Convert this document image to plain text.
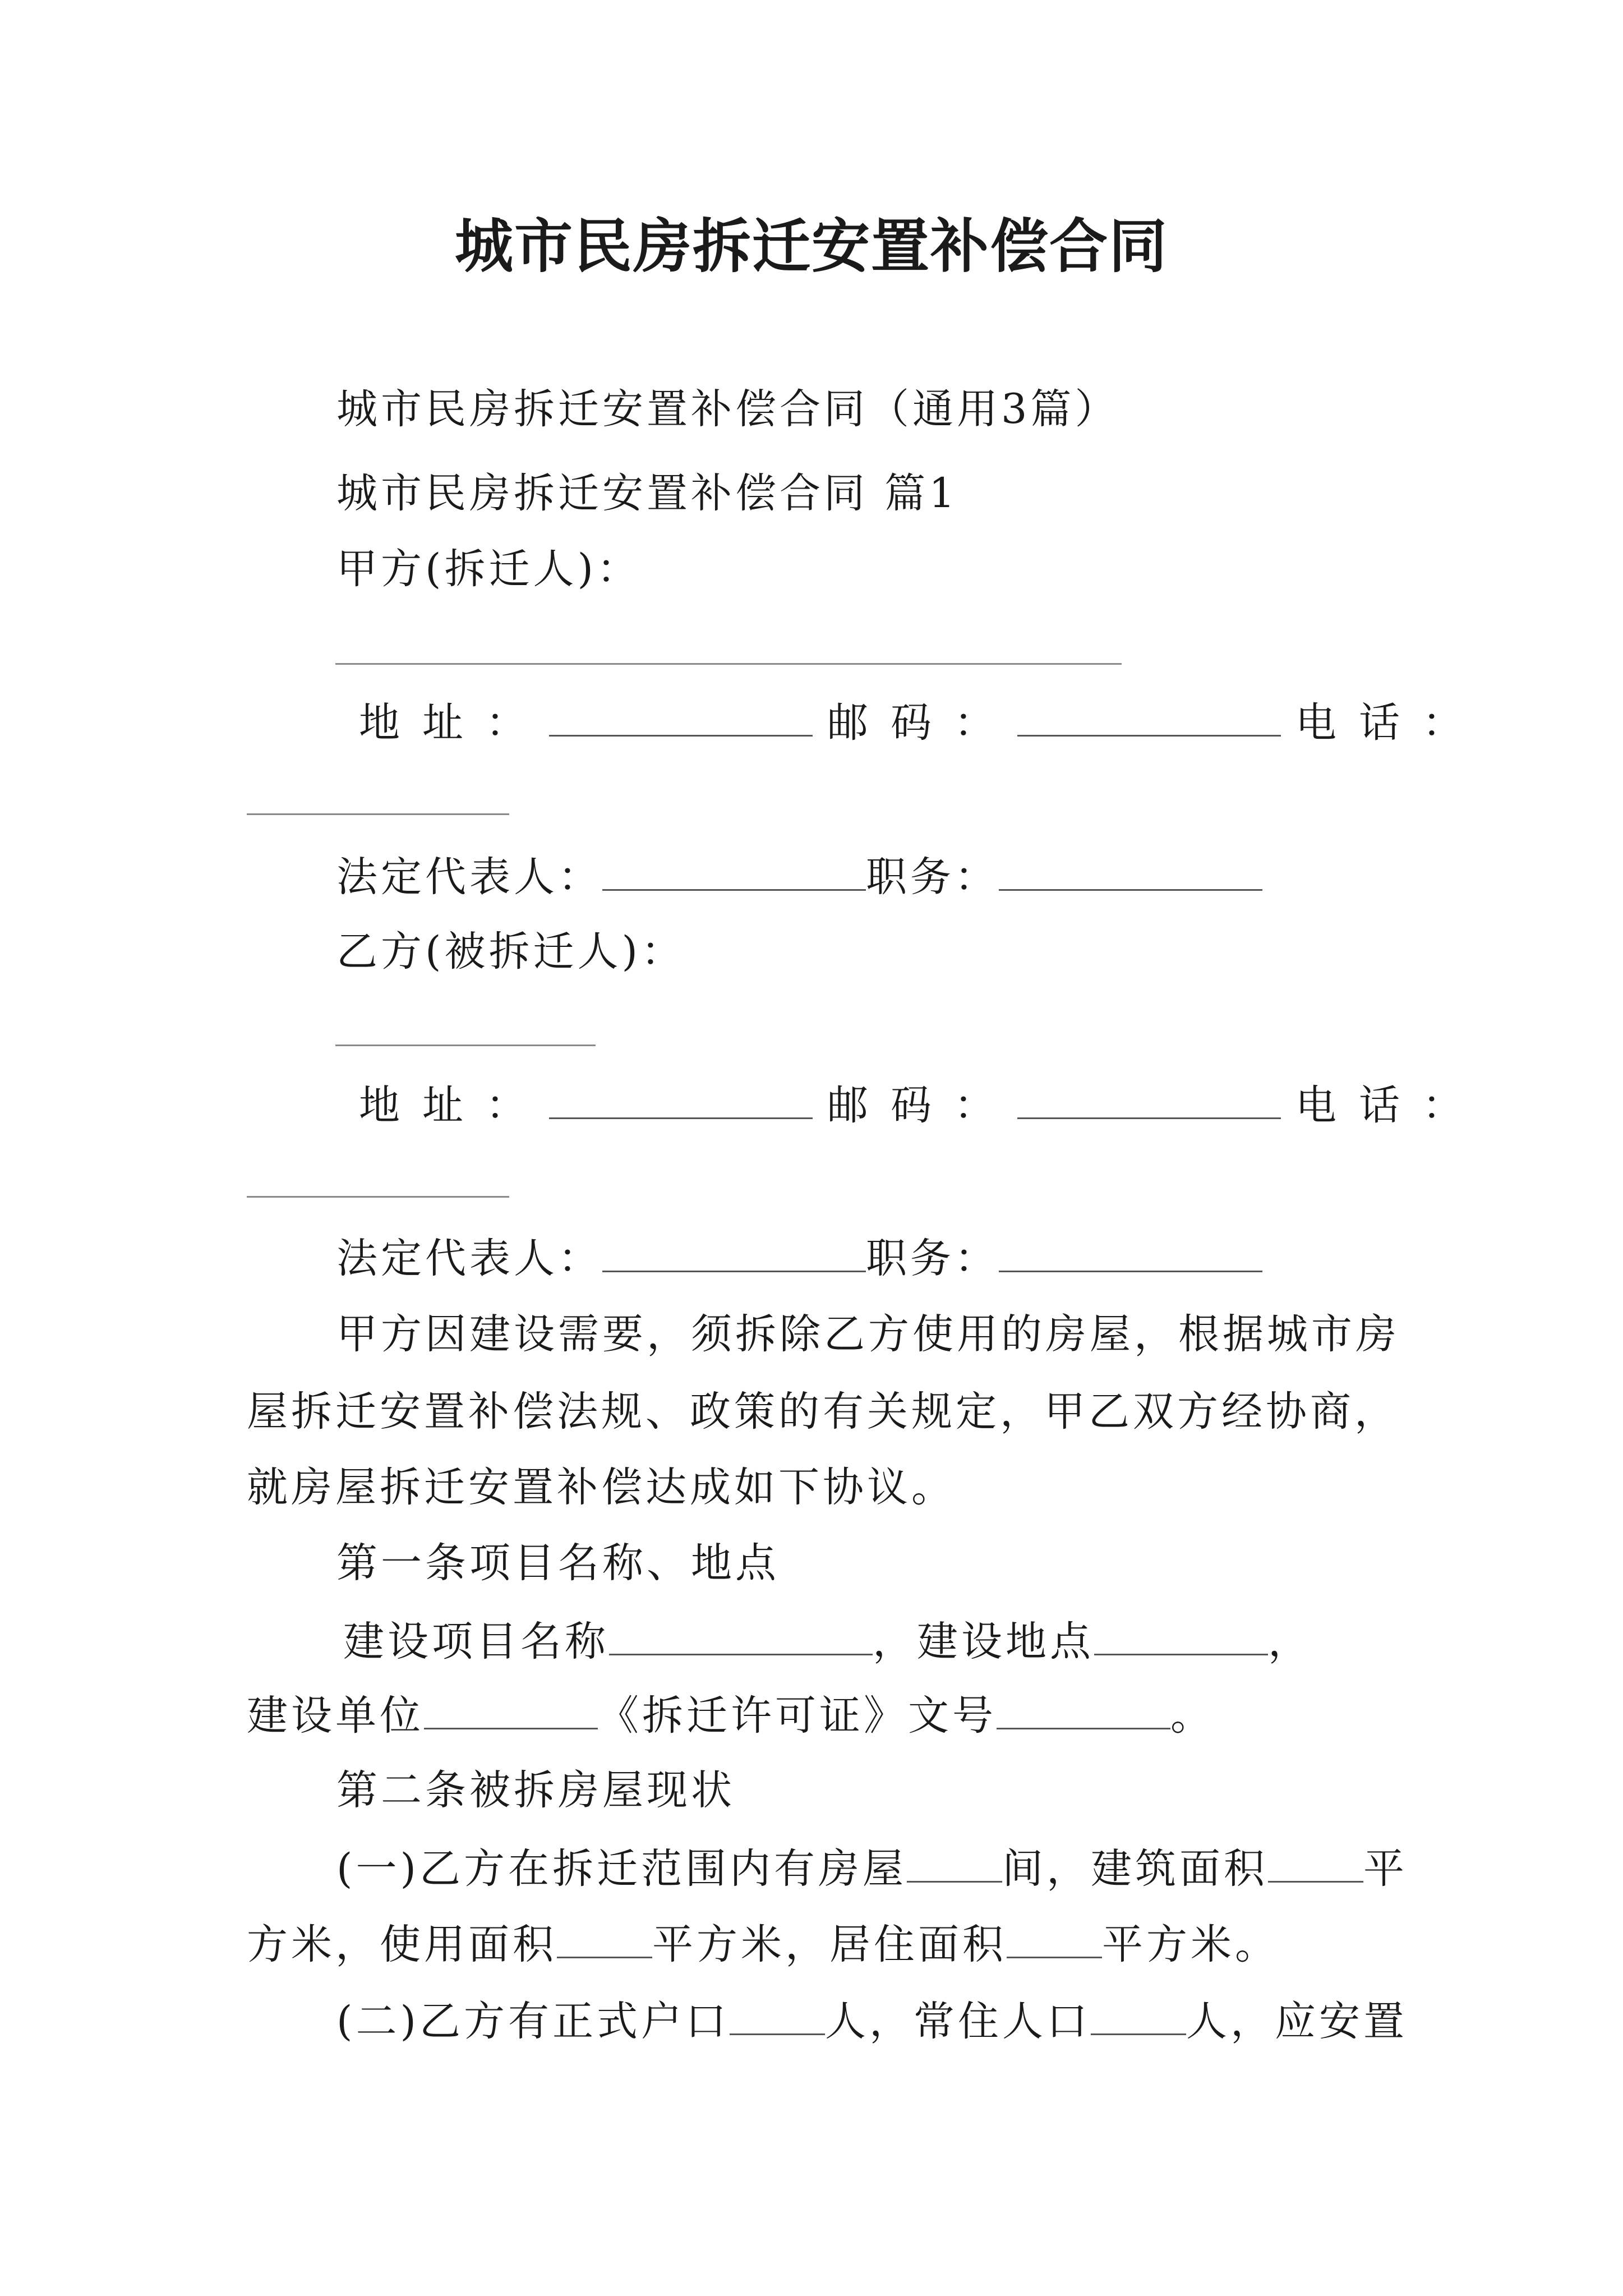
城市民房拆迁安置补偿合同
城市民房拆迁安置补偿合同（通用3篇）
城市民房拆迁安置补偿合同 篇1
甲方(拆迁人)：
地址：	邮码：	电话：
法定代表人：	职务：
乙方(被拆迁人)：
地址：	邮码：	电话：
法定代表人：	职务：
甲方因建设需要，须拆除乙方使用的房屋，根据城市房
屋拆迁安置补偿法规、政策的有关规定，甲乙双方经协商，
就房屋拆迁安置补偿达成如下协议。
第一条项目名称、地点
建设项目名称	，建设地点	，
建设单位	《拆迁许可证》文号	。
第二条被拆房屋现状
(一)乙方在拆迁范围内有房屋 间，建筑面积 平
方米，使用面积 平方米，居住面积 平方米。
(二)乙方有正式户口 人，常住人口 人，应安置
